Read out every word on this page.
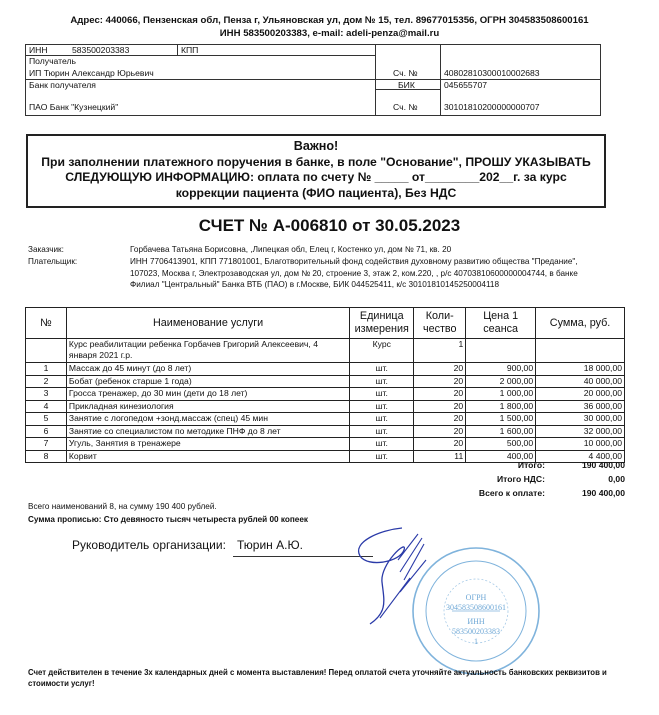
Адрес: 440066, Пензенская обл, Пенза г, Ульяновская ул, дом № 15, тел. 89677015356, ОГРН 304583508600161
ИНН 583500203383, e-mail: adeli-penza@mail.ru
ИНН	583500203383	КПП
Получатель
ИП Тюрин Александр Юрьевич	Сч. №	40802810300010002683
Банк получателя	БИК	045655707
ПАО Банк "Кузнецкий"	Сч. №	30101810200000000707
Важно!
При заполнении платежного поручения в банке, в поле "Основание", ПРОШУ УКАЗЫВАТЬ
СЛЕДУЮЩУЮ ИНФОРМАЦИЮ: оплата по счету № _____ от________202__г. за курс
коррекции пациента (ФИО пациента), Без НДС
СЧЕТ № А-006810 от 30.05.2023
Заказчик:	Горбачева Татьяна Борисовна, ,Липецкая обл, Елец г, Костенко ул, дом № 71, кв. 20
Плательщик:	ИНН 7706413901, КПП 771801001, Благотворительный фонд содействия духовному развитию общества "Предание", 107023, Москва г, Электрозаводская ул, дом № 20, строение 3, этаж 2, ком.220, , р/с 40703810600000004744, в банке Филиал "Центральный" Банка ВТБ (ПАО) в г.Москве, БИК 044525411, к/с 30101810145250004118
№	Наименование услуги	Единица измерения	Коли-чество	Цена 1 сеанса	Сумма, руб.
	Курс реабилитации ребенка Горбачев Григорий Алексеевич, 4 января 2021 г.р.	Курс	1		
1	Массаж до 45 минут (до 8 лет)	шт.	20	900,00	18 000,00
2	Бобат (ребенок старше 1 года)	шт.	20	2 000,00	40 000,00
3	Гросса тренажер, до 30 мин (дети до 18 лет)	шт.	20	1 000,00	20 000,00
4	Прикладная кинезиология	шт.	20	1 800,00	36 000,00
5	Занятие с логопедом +зонд.массаж (спец) 45 мин	шт.	20	1 500,00	30 000,00
6	Занятие со специалистом по методике ПНФ до 8 лет	шт.	20	1 600,00	32 000,00
7	Угуль, Занятия в тренажере	шт.	20	500,00	10 000,00
8	Корвит	шт.	11	400,00	4 400,00
Итого:	190 400,00
Итого НДС:	0,00
Всего к оплате:	190 400,00
Всего наименований 8, на сумму 190 400 рублей.
Сумма прописью: Сто девяносто тысяч четыреста рублей 00 копеек
Руководитель организации: Тюрин А.Ю.
ОГРН
304583508600161
ИНН
583500203383
1
Счет действителен в течение 3х календарных дней с момента выставления! Перед оплатой счета уточняйте актуальность банковских реквизитов и
стоимости услуг!
